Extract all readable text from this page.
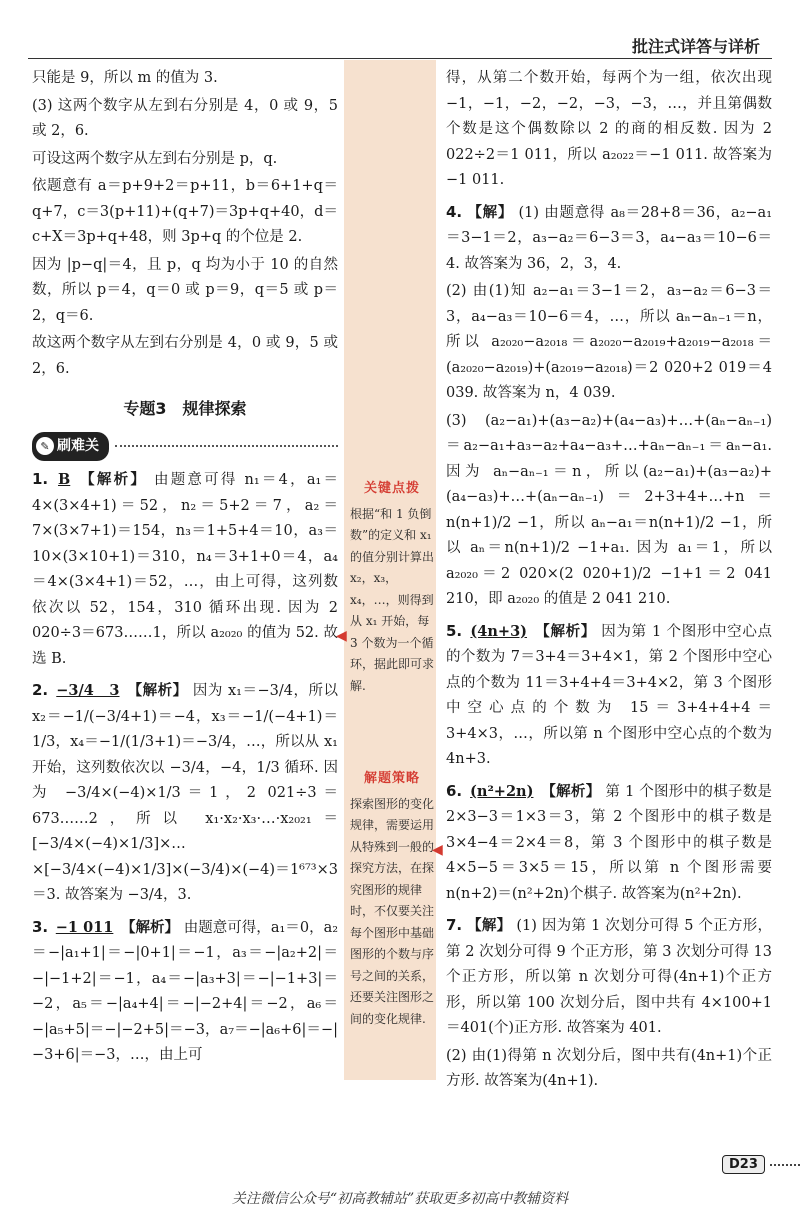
批注式详答与详析

只能是 9，所以 m 的值为 3.

(3) 这两个数字从左到右分别是 4，0 或 9，5 或 2，6.

可设这两个数字从左到右分别是 p，q.

依题意有 a＝p+9+2＝p+11，b＝6+1+q＝q+7，c＝3(p+11)+(q+7)＝3p+q+40，d＝c+X＝3p+q+48，则 3p+q 的个位是 2.

因为 |p−q|＝4，且 p，q 均为小于 10 的自然数，所以 p＝4，q＝0 或 p＝9，q＝5 或 p＝2，q＝6.

故这两个数字从左到右分别是 4，0 或 9，5 或 2，6.

专题3　规律探索
✎ 刷难关

1. B 【解析】 由题意可得 n₁＝4，a₁＝4×(3×4+1)＝52，n₂＝5+2＝7，a₂＝7×(3×7+1)＝154，n₃＝1+5+4＝10，a₃＝10×(3×10+1)＝310，n₄＝3+1+0＝4，a₄＝4×(3×4+1)＝52，…，由上可得，这列数依次以 52，154，310 循环出现. 因为 2 020÷3＝673……1，所以 a₂₀₂₀ 的值为 52. 故选 B.

2. −3/4　3 【解析】 因为 x₁＝−3/4，所以 x₂＝−1/(−3/4+1)＝−4，x₃＝−1/(−4+1)＝1/3，x₄＝−1/(1/3+1)＝−3/4，…，所以从 x₁ 开始，这列数依次以 −3/4，−4，1/3 循环. 因为 −3/4×(−4)×1/3＝1，2 021÷3＝673……2，所以 x₁·x₂·x₃·…·x₂₀₂₁＝[−3/4×(−4)×1/3]×…×[−3/4×(−4)×1/3]×(−3/4)×(−4)＝1⁶⁷³×3＝3. 故答案为 −3/4，3.

3. −1 011 【解析】 由题意可得，a₁＝0，a₂＝−|a₁+1|＝−|0+1|＝−1，a₃＝−|a₂+2|＝−|−1+2|＝−1，a₄＝−|a₃+3|＝−|−1+3|＝−2，a₅＝−|a₄+4|＝−|−2+4|＝−2，a₆＝−|a₅+5|＝−|−2+5|＝−3，a₇＝−|a₆+6|＝−|−3+6|＝−3，…，由上可

关键点拨
根据“和 1 负倒数”的定义和 x₁ 的值分别计算出 x₂，x₃，x₄，…，则得到从 x₁ 开始，每 3 个数为一个循环，据此即可求解.
◀
解题策略
探索图形的变化规律，需要运用从特殊到一般的探究方法，在探究图形的规律时，不仅要关注每个图形中基础图形的个数与序号之间的关系，还要关注图形之间的变化规律.
◀

得，从第二个数开始，每两个为一组，依次出现 −1，−1，−2，−2，−3，−3，…，并且第偶数个数是这个偶数除以 2 的商的相反数. 因为 2 022÷2＝1 011，所以 a₂₀₂₂＝−1 011. 故答案为 −1 011.

4. 【解】 (1) 由题意得 a₈＝28+8＝36，a₂−a₁＝3−1＝2，a₃−a₂＝6−3＝3，a₄−a₃＝10−6＝4. 故答案为 36，2，3，4.

(2) 由(1)知 a₂−a₁＝3−1＝2，a₃−a₂＝6−3＝3，a₄−a₃＝10−6＝4，…，所以 aₙ−aₙ₋₁＝n，所以 a₂₀₂₀−a₂₀₁₈＝a₂₀₂₀−a₂₀₁₉+a₂₀₁₉−a₂₀₁₈＝(a₂₀₂₀−a₂₀₁₉)+(a₂₀₁₉−a₂₀₁₈)＝2 020+2 019＝4 039. 故答案为 n，4 039.

(3) (a₂−a₁)+(a₃−a₂)+(a₄−a₃)+…+(aₙ−aₙ₋₁)＝a₂−a₁+a₃−a₂+a₄−a₃+…+aₙ−aₙ₋₁＝aₙ−a₁. 因为 aₙ−aₙ₋₁＝n，所以(a₂−a₁)+(a₃−a₂)+(a₄−a₃)+…+(aₙ−aₙ₋₁)＝2+3+4+…+n＝n(n+1)/2 −1，所以 aₙ−a₁＝n(n+1)/2 −1，所以 aₙ＝n(n+1)/2 −1+a₁. 因为 a₁＝1，所以 a₂₀₂₀＝2 020×(2 020+1)/2 −1+1＝2 041 210，即 a₂₀₂₀ 的值是 2 041 210.

5. (4n+3) 【解析】 因为第 1 个图形中空心点的个数为 7＝3+4＝3+4×1，第 2 个图形中空心点的个数为 11＝3+4+4＝3+4×2，第 3 个图形中空心点的个数为 15＝3+4+4+4＝3+4×3，…，所以第 n 个图形中空心点的个数为 4n+3.

6. (n²+2n) 【解析】 第 1 个图形中的棋子数是 2×3−3＝1×3＝3，第 2 个图形中的棋子数是 3×4−4＝2×4＝8，第 3 个图形中的棋子数是 4×5−5＝3×5＝15，所以第 n 个图形需要 n(n+2)＝(n²+2n)个棋子. 故答案为(n²+2n).

7. 【解】 (1) 因为第 1 次划分可得 5 个正方形，第 2 次划分可得 9 个正方形，第 3 次划分可得 13 个正方形，所以第 n 次划分可得(4n+1)个正方形，所以第 100 次划分后，图中共有 4×100+1＝401(个)正方形. 故答案为 401.

(2) 由(1)得第 n 次划分后，图中共有(4n+1)个正方形. 故答案为(4n+1).

D23
关注微信公众号“初高教辅站”获取更多初高中教辅资料
